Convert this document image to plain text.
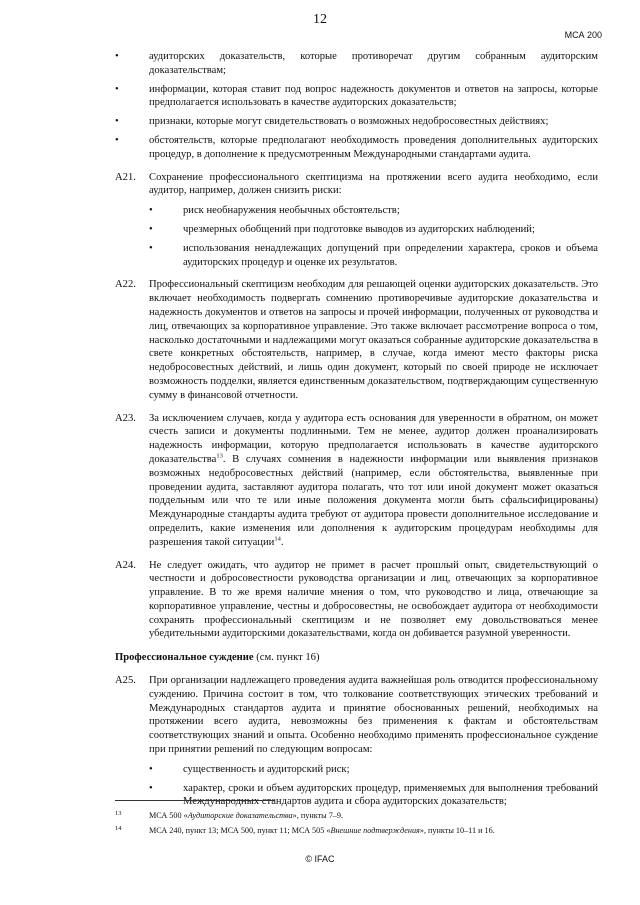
12
МСА 200
• аудиторских доказательств, которые противоречат другим собранным аудиторским доказательствам;
• информации, которая ставит под вопрос надежность документов и ответов на запросы, которые предполагается использовать в качестве аудиторских доказательств;
• признаки, которые могут свидетельствовать о возможных недобросовестных действиях;
• обстоятельств, которые предполагают необходимость проведения дополнительных аудиторских процедур, в дополнение к предусмотренным Международными стандартами аудита.
A21. Сохранение профессионального скептицизма на протяжении всего аудита необходимо, если аудитор, например, должен снизить риски:
• риск необнаружения необычных обстоятельств;
• чрезмерных обобщений при подготовке выводов из аудиторских наблюдений;
• использования ненадлежащих допущений при определении характера, сроков и объема аудиторских процедур и оценке их результатов.
A22. Профессиональный скептицизм необходим для решающей оценки аудиторских доказательств. Это включает необходимость подвергать сомнению противоречивые аудиторские доказательства и надежность документов и ответов на запросы и прочей информации, полученных от руководства и лиц, отвечающих за корпоративное управление. Это также включает рассмотрение вопроса о том, насколько достаточными и надлежащими могут оказаться собранные аудиторские доказательства в свете конкретных обстоятельств, например, в случае, когда имеют место факторы риска недобросовестных действий, и лишь один документ, который по своей природе не исключает возможность подделки, является единственным доказательством, подтверждающим существенную сумму в финансовой отчетности.
A23. За исключением случаев, когда у аудитора есть основания для уверенности в обратном, он может счесть записи и документы подлинными. Тем не менее, аудитор должен проанализировать надежность информации, которую предполагается использовать в качестве аудиторского доказательства$^{13}$. В случаях сомнения в надежности информации или выявления признаков возможных недобросовестных действий (например, если обстоятельства, выявленные при проведении аудита, заставляют аудитора полагать, что тот или иной документ может оказаться поддельным или что те или иные положения документа могли быть сфальсифицированы) Международные стандарты аудита требуют от аудитора провести дополнительное исследование и определить, какие изменения или дополнения к аудиторским процедурам необходимы для разрешения такой ситуации$^{14}$.
A24. Не следует ожидать, что аудитор не примет в расчет прошлый опыт, свидетельствующий о честности и добросовестности руководства организации и лиц, отвечающих за корпоративное управление. В то же время наличие мнения о том, что руководство и лица, отвечающие за корпоративное управление, честны и добросовестны, не освобождает аудитора от необходимости сохранять профессиональный скептицизм и не позволяет ему довольствоваться менее убедительными аудиторскими доказательствами, когда он добивается разумной уверенности.
Профессиональное суждение (см. пункт 16)
A25. При организации надлежащего проведения аудита важнейшая роль отводится профессиональному суждению. Причина состоит в том, что толкование соответствующих этических требований и Международных стандартов аудита и принятие обоснованных решений, необходимых на протяжении всего аудита, невозможны без применения к фактам и обстоятельствам соответствующих знаний и опыта. Особенно необходимо применять профессиональное суждение при принятии решений по следующим вопросам:
• существенность и аудиторский риск;
• характер, сроки и объем аудиторских процедур, применяемых для выполнения требований Международных стандартов аудита и сбора аудиторских доказательств;
13	МСА 500 «Аудиторские доказательства», пункты 7–9.
14	МСА 240, пункт 13; МСА 500, пункт 11; МСА 505 «Внешние подтверждения», пункты 10–11 и 16.
© IFAC
